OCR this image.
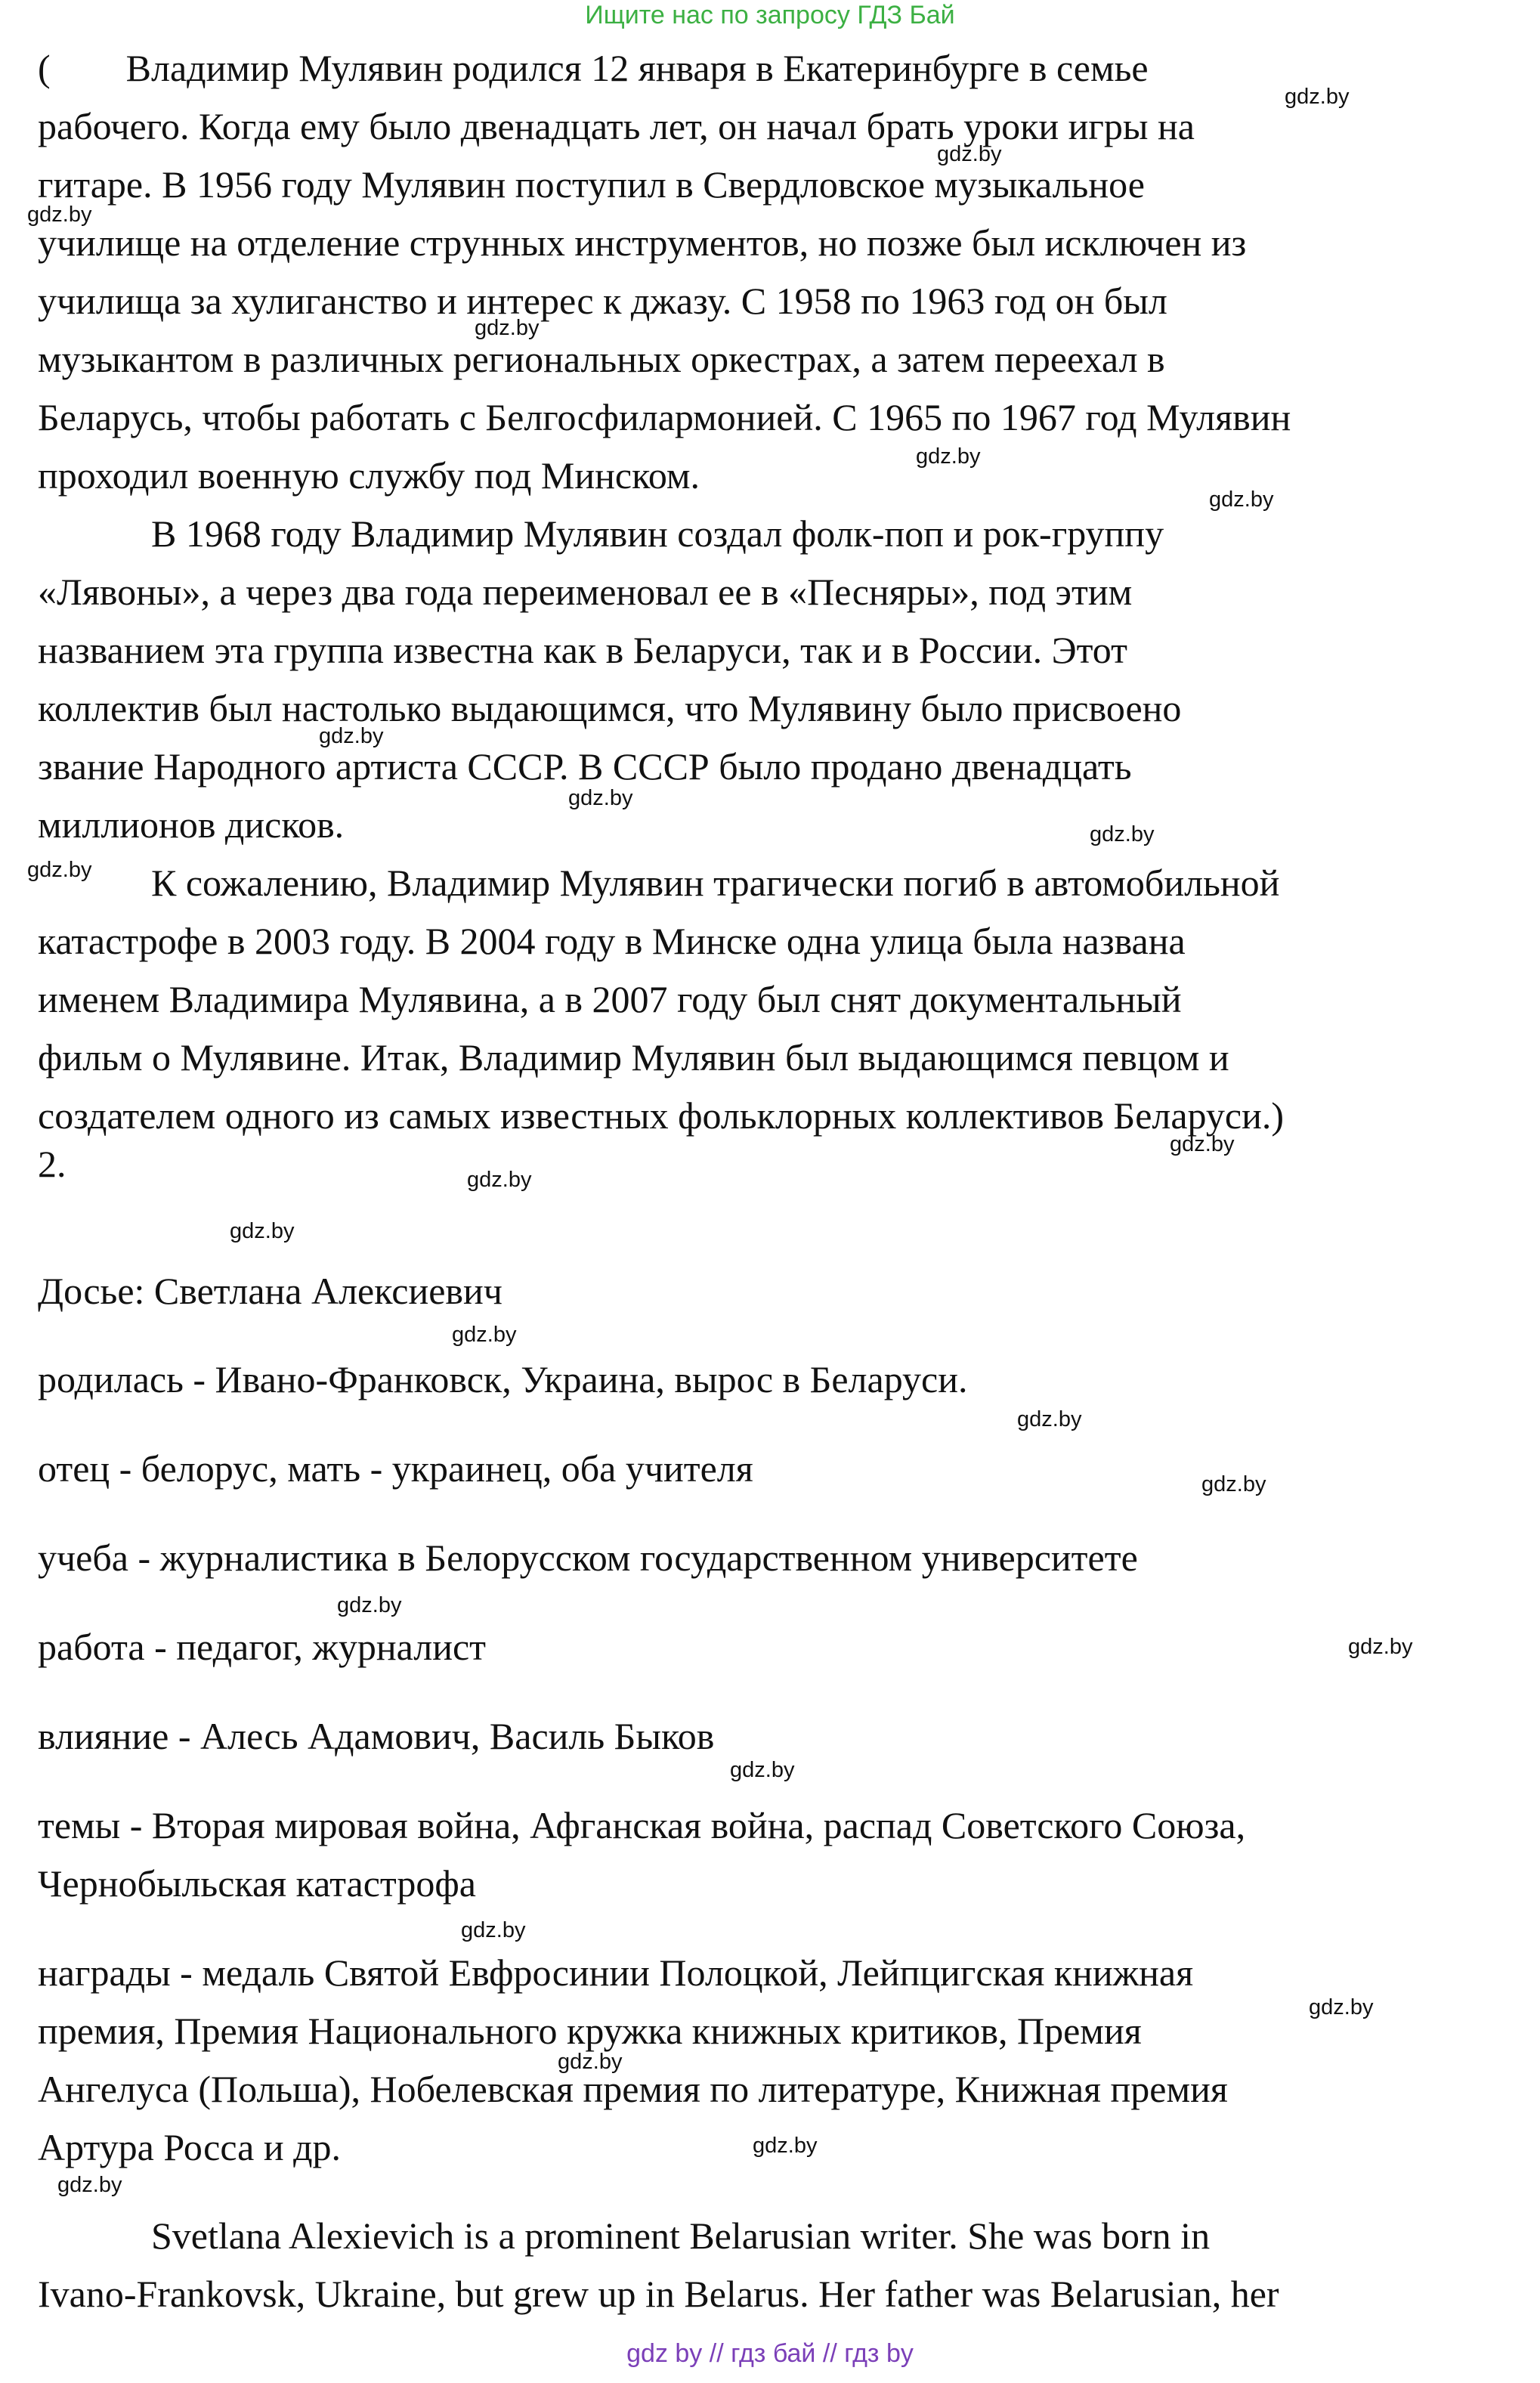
Ищите нас по запросу ГДЗ Бай

(  Владимир Мулявин родился 12 января в Екатеринбурге в семье
рабочего. Когда ему было двенадцать лет, он начал брать уроки игры на
гитаре. В 1956 году Мулявин поступил в Свердловское музыкальное
училище на отделение струнных инструментов, но позже был исключен из
училища за хулиганство и интерес к джазу. С 1958 по 1963 год он был
музыкантом в различных региональных оркестрах, а затем переехал в
Беларусь, чтобы работать с Белгосфилармонией. С 1965 по 1967 год Мулявин
проходил военную службу под Минском.

В 1968 году Владимир Мулявин создал фолк-поп и рок-группу
«Лявоны», а через два года переименовал ее в «Песняры», под этим
названием эта группа известна как в Беларуси, так и в России. Этот
коллектив был настолько выдающимся, что Мулявину было присвоено
звание Народного артиста СССР. В СССР было продано двенадцать
миллионов дисков.

К сожалению, Владимир Мулявин трагически погиб в автомобильной
катастрофе в 2003 году. В 2004 году в Минске одна улица была названа
именем Владимира Мулявина, а в 2007 году был снят документальный
фильм о Мулявине. Итак, Владимир Мулявин был выдающимся певцом и
создателем одного из самых известных фольклорных коллективов Беларуси.)

2.
Досье: Светлана Алексиевич
родилась - Ивано-Франковск, Украина, вырос в Беларуси.
отец - белорус, мать - украинец, оба учителя
учеба - журналистика в Белорусском государственном университете
работа - педагог, журналист
влияние - Алесь Адамович, Василь Быков
темы - Вторая мировая война, Афганская война, распад Советского Союза,
Чернобыльская катастрофа
награды - медаль Святой Евфросинии Полоцкой, Лейпцигская книжная
премия, Премия Национального кружка книжных критиков, Премия
Ангелуса (Польша), Нобелевская премия по литературе, Книжная премия
Артура Росса и др.
Svetlana Alexievich is a prominent Belarusian writer. She was born in
Ivano-Frankovsk, Ukraine, but grew up in Belarus. Her father was Belarusian, her
gdz.by
gdz.by
gdz.by
gdz.by
gdz.by
gdz.by
gdz.by
gdz.by
gdz.by
gdz.by
gdz.by
gdz.by
gdz.by
gdz.by
gdz.by
gdz.by
gdz.by
gdz.by
gdz.by
gdz.by
gdz.by
gdz.by
gdz.by
gdz.by
gdz by // гдз бай // гдз by
